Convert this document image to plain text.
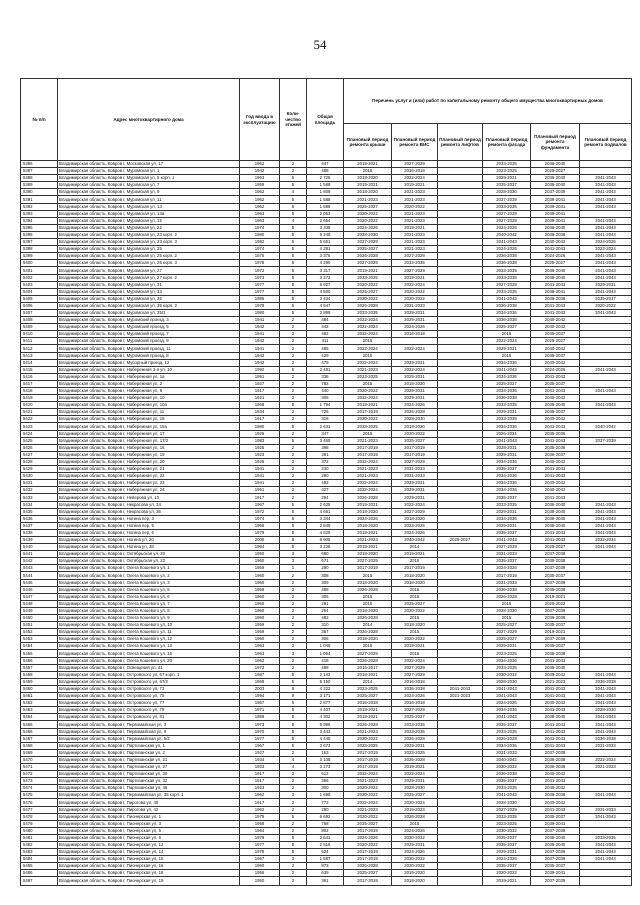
54
№ п/п	Адрес многоквартирного дома	Год ввода в эксплуатацию	Коли-чество этажей	Общая площадь	Перечень услуг и (или) работ по капитальному ремонту общего имущества многоквартирных домов					
					Плановый период ремонта крыши	Плановый период ремонта ВИС	Плановый период ремонта лифтов	Плановый период ремонта фасада	Плановый период ремонта фундамента	Плановый период ремонта подвалов
5386	Владимирская область, Ковров г, Московская ул, 17	1962	2	447	2019-2021	2027-2029		2033-2035	2036-2040	
5387	Владимирская область, Ковров г, Муромская ул, 1	1942	2	488	2015	2016-2018		2023-2025	2025-2027	
5388	Владимирская область, Ковров г, Муромская ул, 5 корп. 1	1963	5	2 725	2018-2020	2022-2024		2029-2031	2036-2040	2041-2043
5389	Владимирская область, Ковров г, Муромская ул, 7	1959	5	1 588	2019-2021	2019-2021		2035-2037	2036-2040	2041-2043
5390	Владимирская область, Ковров г, Муромская ул, 9	1962	4	1 809	2018-2020	2021-2023		2028-2030	2037-2039	2041-2043
5391	Владимирская область, Ковров г, Муромская ул, 11	1962	5	1 588	2021-2023	2021-2023		2037-2039	2039-2041	2041-2043
5392	Владимирская область, Ковров г, Муромская ул, 13	1962	5	1 588	2025-2027	2020-2022		2033-2035	2039-2041	2041-2043
5393	Владимирская область, Ковров г, Муромская ул, 13а	1963	5	2 053	2020-2022	2021-2023		2027-2029	2039-2041	
5394	Владимирская область, Ковров г, Муромская ул, 15	1963	4	2 654	2020-2022	2021-2023		2027-2029	2039-2041	2041-2043
5395	Владимирская область, Ковров г, Муромская ул, 22	1974	5	3 339	2024-2026	2019-2021		2024-2026	2036-2040	2041-2043
5396	Владимирская область, Ковров г, Муромская ул, 23 корп. 2	1980	5	5 248	2028-2030	2021-2023		2040-2042	2036-2038	2041-2043
5397	Владимирская область, Ковров г, Муромская ул, 23 корп. 3	1982	5	5 651	2027-2029	2021-2023		2041-2043	2040-2042	2024-2026
5398	Владимирская область, Ковров г, Муромская ул, 25	1974	5	4 281	2025-2027	2021-2023		2024-2026	2041-2043	2022-2024
5399	Владимирская область, Ковров г, Муромская ул, 25 корп. 2	1975	5	3 376	2026-2028	2027-2029		2036-2038	2024-2026	2041-2043
5400	Владимирская область, Ковров г, Муромская ул, 25 корп. 3	1978	5	4 290	2027-2029	2033-2035		2036-2038	2025-2027	2041-2043
5401	Владимирская область, Ковров г, Муромская ул, 27	1972	5	3 317	2019-2021	2027-2029		2033-2035	2036-2040	2041-2043
5402	Владимирская область, Ковров г, Муромская ул, 27 корп. 2	1973	5	3 272	2023-2025	2019-2021		2033-2035	2038-2040	2041-2043
5403	Владимирская область, Ковров г, Муромская ул, 31	1977	5	6 927	2020-2022	2022-2024		2027-2029	2041-2043	2029-2031
5404	Владимирская область, Ковров г, Муромская ул, 33	1977	5	4 500	2025-2027	2020-2022		2033-2035	2039-2041	2041-2043
5405	Владимирская область, Ковров г, Муромская ул, 35	1985	5	3 434	2020-2022	2020-2022		2041-2043	2036-2038	2035-2037
5406	Владимирская область, Ковров г, Муромская ул, 35 корп. 2	1978	5	4 547	2026-2028	2031-2033		2036-2038	2041-2043	2020-2022
5407	Владимирская область, Ковров г, Муромская ул, 35/1	1980	5	3 898	2033-2035	2029-2031		2034-2036	2041-2043	2041-2043
5408	Владимирская область, Ковров г, Муромский проезд, 3	1941	2	484	2022-2024	2029-2031		2036-2038	2040-2042	
5409	Владимирская область, Ковров г, Муромский проезд, 5	1942	2	442	2022-2024	2024-2026		2025-2027	2040-2042	
5410	Владимирская область, Ковров г, Муромский проезд, 7	1941	2	482	2022-2024	2016-2018		2015	2035-2037	
5411	Владимирская область, Ковров г, Муромский проезд, 9	1942	2	411	2015			2022-2024	2025-2027	
5412	Владимирская область, Ковров г, Муромский проезд, 11	1941	2	485	2022-2024	2022-2024		2029-2031	2040-2042	
5413	Владимирская область, Ковров г, Муромский проезд, 8	1942	2	429	2015			2015	2035-2037	
5414	Владимирская область, Ковров г, Мусорный проезд, 12	1942	2	479	2022-2024	2029-2031		2034-2036	2040-2042	
5415	Владимирская область, Ковров г, Набережная 3-я ул, 10	1992	5	2 481	2021-2023	2022-2024		2041-2043	2024-2026	2041-2043
5416	Владимирская область, Ковров г, Набережная ул, 1а	1951	2	336	2023-2025	2029-2031		2034-2036	2041-2043	
5417	Владимирская область, Ковров г, Набережная ул, 2	1927	2	782	2015	2018-2020		2025-2027	2035-2037	
5418	Владимирская область, Ковров г, Набережная ул, 9	1917	2	440	2020-2022	2029-2031		2034-2036	2041-2043	2041-2043
5419	Владимирская область, Ковров г, Набережная ул, 10	1921	2	305	2022-2024	2029-2031		2036-2038	2040-2042	
5420	Владимирская область, Ковров г, Набережная ул, 10а	1968	5	1 794	2019-2021	2024-2026		2033-2035	2036-2040	2041-2043
5421	Владимирская область, Ковров г, Набережная ул, 11	1934	2	726	2017-2019	2026-2028		2029-2031	2035-2037	
5422	Владимирская область, Ковров г, Набережная ул, 15	1917	2	316	2020-2022	2028-2030		2033-2035	2040-2042	
5423	Владимирская область, Ковров г, Набережная ул, 15а	1980	5	2 631	2023-2025	2018-2020		2034-2036	2041-2043	2040-2042
5424	Владимирская область, Ковров г, Набережная ул, 17	1926	2	347	2015	2020-2022		2026-2031	2035-2036	
5425	Владимирская область, Ковров г, Набережная ул, 17/2	1983	5	3 469	2021-2023	2025-2027		2041-2043	2041-2043	2037-2039
5426	Владимирская область, Ковров г, Набережная ул, 18	1925	2	398	2017-2019	2017-2019		2028-2031	2035-2036	
5427	Владимирская область, Ковров г, Набережная ул, 19	1923	2	391	2017-2019	2017-2019		2029-2031	2036-2037	
5428	Владимирская область, Ковров г, Набережная ул, 20	1925	2	372	2022-2024	2027-2029		2034-2036	2040-2042	
5429	Владимирская область, Ковров г, Набережная ул, 21	1941	2	230	2021-2023	2031-2033		2035-2037	2041-2043	
5430	Владимирская область, Ковров г, Набережная ул, 22	1941	2	280	2021-2023	2031-2033		2034-2036	2041-2043	
5431	Владимирская область, Ковров г, Набережная ул, 23	1941	2	492	2022-2024	2029-2031		2034-2036	2040-2042	
5432	Владимирская область, Ковров г, Набережная ул, 24	1951	2	427	2022-2024	2029-2031		2034-2036	2040-2042	
5433	Владимирская область, Ковров г, Неверова ул, 10	1917	2	294	2026-2028	2029-2031		2035-2037	2041-2043	
5434	Владимирская область, Ковров г, Некрасова ул, 34	1967	5	2 625	2019-2021	2022-2024		2033-2035	2036-2040	2041-2043
5435	Владимирская область, Ковров г, Некрасова ул, 36	1972	5	4 661	2018-2020	2027-2029		2029-2031	2038-2040	2041-2043
5436	Владимирская область, Ковров г, Ногина пер, 3	1974	5	3 344	2024-2026	2018-2020		2034-2036	2038-2040	2041-2043
5437	Владимирская область, Ковров г, Ногина пер, 5	1966	5	2 849	2018-2020	2023-2025		2029-2031	2036-2040	2041-2043
5438	Владимирская область, Ковров г, Ногина пер, 6	1979	5	4 629	2019-2021	2024-2026		2035-2037	2041-2043	2041-2043
5439	Владимирская область, Ковров г, Ногина ул, 20	2000	9	6 905	2021-2023	2040-2042	2025-2027	2041-2043	2041-2043	2032-2034
5440	Владимирская область, Ковров г, Ногина ул, 38	1994	5	3 226	2019-2021	2014		2027-2029	2025-2027	2041-2043
5441	Владимирская область, Ковров г, Октябрьская ул, 20	1950	3	680	2018-2020	2019-2021		2031-2033	2037-2038	
5442	Владимирская область, Ковров г, Октябрьская ул, 22	1960	3	671	2027-2029	2015		2035-2037	2035-2038	
5443	Владимирская область, Ковров г, Олега Кошевого ул, 1	1959	1	290	2017-2019	2017-2019		2024-2026	2037-2039	
5444	Владимирская область, Ковров г, Олега Кошевого ул, 2	1960	2	308	2015	2018-2020		2017-2019	2035-2037	
5445	Владимирская область, Ковров г, Олега Кошевого ул, 3	1960	2	309	2018-2020	2018-2020		2031-2033	2037-2039	
5446	Владимирская область, Ковров г, Олега Кошевого ул, 5	1959	2	488	2026-2028	2015		2036-2038	2035-2038	
5447	Владимирская область, Ковров г, Олега Кошевого ул, 6	1960	2	305	2015	2015		2026-2028	2019-2021	
5448	Владимирская область, Ковров г, Олега Кошевого ул, 7	1960	2	281	2015	2025-2027		2015	2020-2022	
5449	Владимирская область, Ковров г, Олега Кошевого ул, 8	1960	2	264	2018-2020	2020-2022		2028-2030	2037-2039	
5450	Владимирская область, Ковров г, Олега Кошевого ул, 9	1960	2	482	2026-2028	2015		2015	2036-2038	
5451	Владимирская область, Ковров г, Олега Кошевого ул, 10	1959	2	310	2014	2018-2020		2025-2027	2035-2037	
5452	Владимирская область, Ковров г, Олега Кошевого ул, 11	1959	2	367	2026-2028	2015		2027-2029	2019-2021	
5453	Владимирская область, Ковров г, Олега Кошевого ул, 12	1960	2	306	2018-2020	2020-2022		2025-2027	2037-2039	
5454	Владимирская область, Ковров г, Олега Кошевого ул, 13	1963	2	1 048	2015	2019-2021		2029-2031	2035-2037	
5455	Владимирская область, Ковров г, Олега Кошевого ул, 15	1963	3	1 054	2027-2029	2015		2023-2025	2036-2038	
5456	Владимирская область, Ковров г, Олега Кошевого ул, 20	1962	2	418	2026-2028	2022-2024		2034-2036	2041-2043	
5457	Владимирская область, Ковров г, Освещения ул, 41	1972	2	498	2016-2017	2027-2029		2033-2035	2035-2040	
5458	Владимирская область, Ковров г, Островского ул, 67 корп. 1	1987	5	2 142	2018-2021	2027-2029		2030-2032	2039-2042	2041-2043
5459	Владимирская область, Ковров г, Островского ул, 67/2	1968	5	5 150	2014	2016-2018		2028-2030	2021-2023	2036-2038
5460	Владимирская область, Ковров г, Островского ул, 73	2003	9	4 222	2023-2025	2036-2038	2041-2043	2041-2043	2041-2043	2041-2043
5461	Владимирская область, Ковров г, Островского ул, 75	1994	9	3 171	2025-2027	2024-2026	2021-2023	2041-2043	2041-2043	2041-2043
5462	Владимирская область, Ковров г, Островского ул, 77	1957	5	2 877	2016-2018	2016-2018		2024-2026	2040-2042	2041-2043
5463	Владимирская область, Ковров г, Островского ул, 79	1971	5	4 407	2019-2021	2027-2029		2034-2036	2041-2043	2028-2030
5464	Владимирская область, Ковров г, Островского ул, 81	1989	5	4 302	2019-2021	2025-2027		2041-2043	2038-2040	2041-2043
5465	Владимирская область, Ковров г, Первомайская ул, 3	1973	5	5 996	2026-2028	2033-2035		2035-2037	2041-2043	2041-2043
5466	Владимирская область, Ковров г, Первомайская ул, 9	1970	5	3 443	2021-2023	2033-2035		2033-2035	2041-2043	2041-2043
5467	Владимирская область, Ковров г, Первомайская ул, 5/2	1977	5	4 445	2020-2022	2026-2028		2026-2028	2041-2043	2036-2038
5468	Владимирская область, Ковров г, Партизанская ул, 1	1967	5	3 673	2023-2025	2029-2031		2034-2036	2041-2043	2031-2033
5469	Владимирская область, Ковров г, Партизанская ул, 2	1927	2	163	2017-2019	2023-2025		2031-2033	2037-2039	
5470	Владимирская область, Ковров г, Партизанская ул, 21	1934	4	3 108	2017-2019	2026-2028		2040-2042	2036-2038	2022-2024
5471	Владимирская область, Ковров г, Партизанская ул, 27	1933	4	3 273	2017-2019	2019-2021		2030-2032	2036-2038	2021-2023
5472	Владимирская область, Ковров г, Партизанская ул, 30	1917	2	512	2022-2024	2022-2024		2036-2038	2040-2042	
5473	Владимирская область, Ковров г, Партизанская ул, 32	1917	2	366	2021-2023	2029-2031		2035-2037	2041-2043	
5474	Владимирская область, Ковров г, Партизанская ул, 46	1923	2	300	2020-2022	2028-2030		2033-2035	2040-2042	
5475	Владимирская область, Ковров г, Первомайская ул, 35 корп. 1	1962	3	1 698	2020-2022	2025-2027		2041-2043	2036-2038	2041-2043
5476	Владимирская область, Ковров г, Пирогова ул, 40	1917	2	772	2022-2024	2020-2024		2028-2030	2040-2042	
5477	Владимирская область, Ковров г, Пирогова ул, 42	1962	2	280	2021-2023	2019-2023		2027-2029	2041-2043	2031-2033
5478	Владимирская область, Ковров г, Пионерская ул, 1	1979	5	6 692	2020-2022	2026-2028		2033-2035	2035-2037	2041-2043
5479	Владимирская область, Ковров г, Пионерская ул, 3	1958	2	768	2025-2027	2015		2023-2025	2039-2041	
5480	Владимирская область, Ковров г, Пионерская ул, 5	1964	2	802	2017-2019	2024-2026		2030-2032	2037-2039	
5481	Владимирская область, Ковров г, Пионерская ул, 6	1979	5	2 641	2024-2026	2030-2032		2035-2037	2036-2040	2033-2035
5482	Владимирская область, Ковров г, Пионерская ул, 12	1977	5	2 516	2020-2022	2029-2031		2035-2037	2036-2040	2041-2043
5483	Владимирская область, Ковров г, Пионерская ул, 14	1978	5	524	2017-2019	2024-2026		2029-2031	2037-2039	2041-2043
5484	Владимирская область, Ковров г, Пионерская ул, 15	1957	3	1 587	2017-2019	2030-2032		2024-2026	2037-2039	2041-2043
5485	Владимирская область, Ковров г, Пионерская ул, 16	1960	2	873	2026-2028	2020-2022		2035-2037	2035-2037	
5486	Владимирская область, Ковров г, Пионерская ул, 18	1956	2	639	2025-2027	2019-2020		2020-2022	2039-2041	
5487	Владимирская область, Ковров г, Пионерская ул, 19	1950	2	361	2017-2019	2018-2020		2019-2021	2037-2039	
